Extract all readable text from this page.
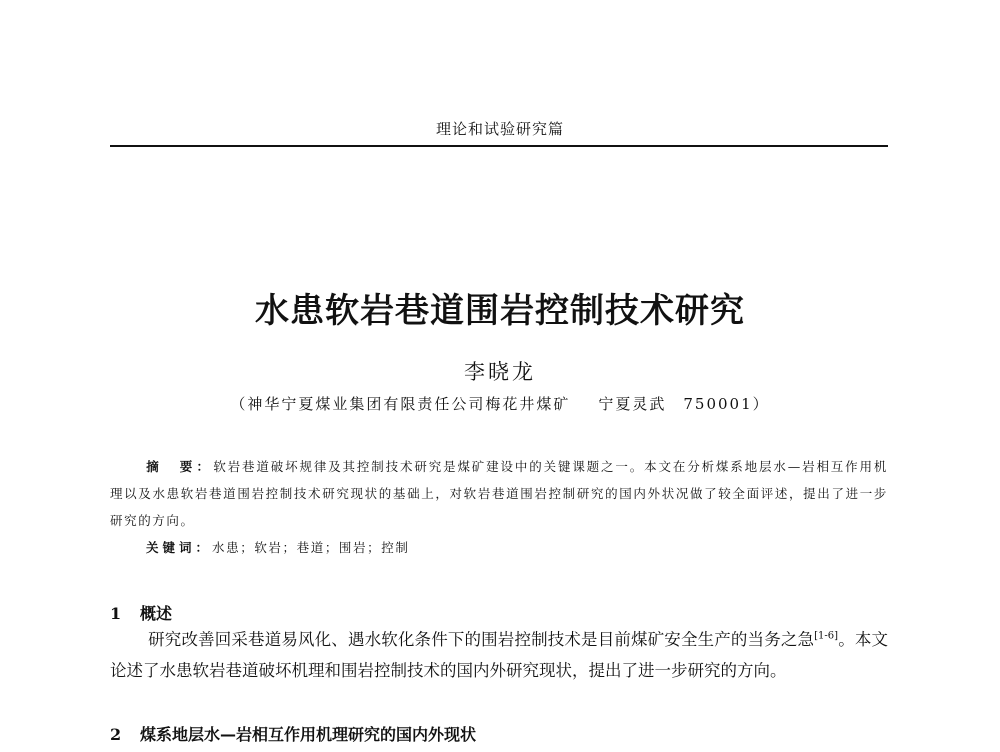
理论和试验研究篇
水患软岩巷道围岩控制技术研究
李晓龙
（神华宁夏煤业集团有限责任公司梅花井煤矿 宁夏灵武　750001）
摘　要：软岩巷道破坏规律及其控制技术研究是煤矿建设中的关键课题之一。本文在分析煤系地层水—岩相互作用机理以及水患软岩巷道围岩控制技术研究现状的基础上，对软岩巷道围岩控制研究的国内外状况做了较全面评述，提出了进一步研究的方向。
关键词：水患；软岩；巷道；围岩；控制
1 概述
研究改善回采巷道易风化、遇水软化条件下的围岩控制技术是目前煤矿安全生产的当务之急[1-6]。本文论述了水患软岩巷道破坏机理和围岩控制技术的国内外研究现状，提出了进一步研究的方向。
2 煤系地层水—岩相互作用机理研究的国内外现状
